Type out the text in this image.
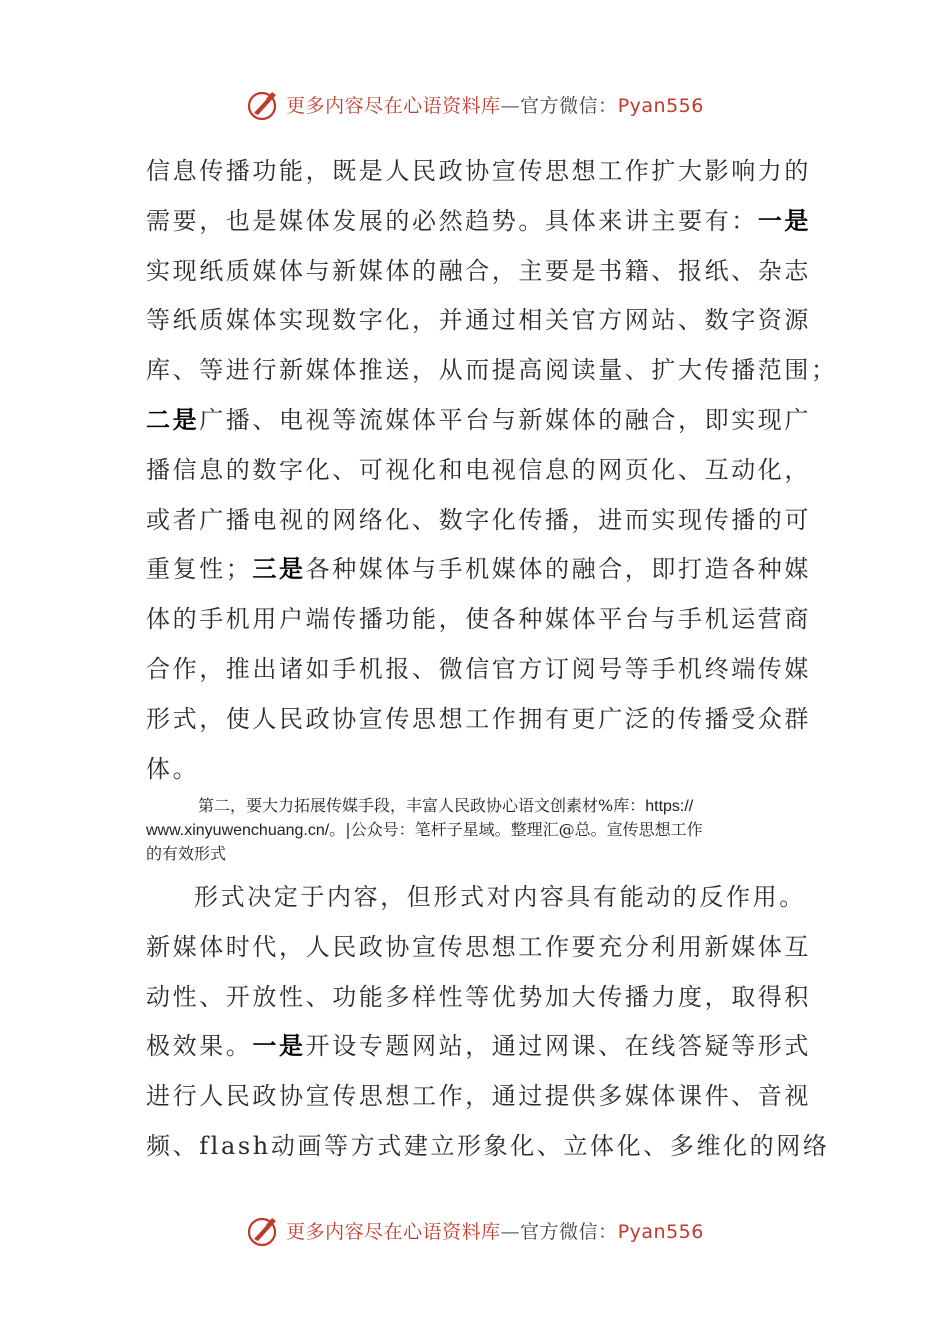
更多内容尽在心语资料库—官方微信：Pyan556
信息传播功能，既是人民政协宣传思想工作扩大影响力的
需要，也是媒体发展的必然趋势。具体来讲主要有：一是
实现纸质媒体与新媒体的融合，主要是书籍、报纸、杂志
等纸质媒体实现数字化，并通过相关官方网站、数字资源
库、等进行新媒体推送，从而提高阅读量、扩大传播范围；
二是广播、电视等流媒体平台与新媒体的融合，即实现广
播信息的数字化、可视化和电视信息的网页化、互动化，
或者广播电视的网络化、数字化传播，进而实现传播的可
重复性；三是各种媒体与手机媒体的融合，即打造各种媒
体的手机用户端传播功能，使各种媒体平台与手机运营商
合作，推出诸如手机报、微信官方订阅号等手机终端传媒
形式，使人民政协宣传思想工作拥有更广泛的传播受众群
体。
第二，要大力拓展传媒手段，丰富人民政协心语文创素材%库：https://
www.xinyuwenchuang.cn/。|公众号：笔杆子星域。整理汇@总。宣传思想工作
的有效形式
形式决定于内容，但形式对内容具有能动的反作用。
新媒体时代，人民政协宣传思想工作要充分利用新媒体互
动性、开放性、功能多样性等优势加大传播力度，取得积
极效果。一是开设专题网站，通过网课、在线答疑等形式
进行人民政协宣传思想工作，通过提供多媒体课件、音视
频、flash动画等方式建立形象化、立体化、多维化的网络
更多内容尽在心语资料库—官方微信：Pyan556
